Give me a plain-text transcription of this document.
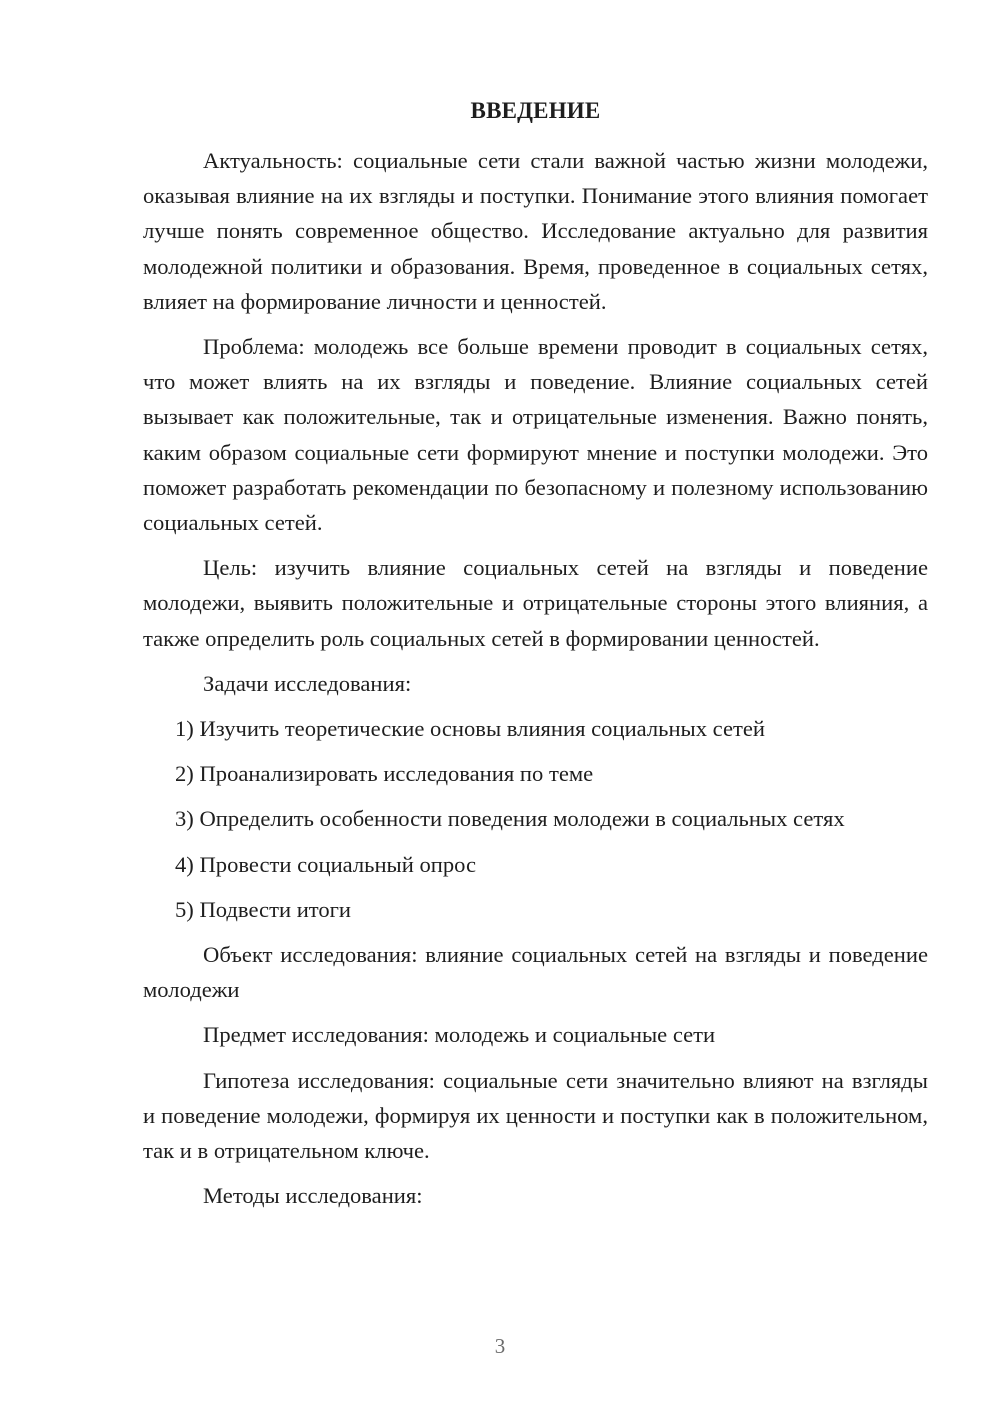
ВВЕДЕНИЕ

Актуальность: социальные сети стали важной частью жизни молодежи, оказывая влияние на их взгляды и поступки. Понимание этого влияния помогает лучше понять современное общество. Исследование актуально для развития молодежной политики и образования. Время, проведенное в социальных сетях, влияет на формирование личности и ценностей.

Проблема: молодежь все больше времени проводит в социальных сетях, что может влиять на их взгляды и поведение. Влияние социальных сетей вызывает как положительные, так и отрицательные изменения. Важно понять, каким образом социальные сети формируют мнение и поступки молодежи. Это поможет разработать рекомендации по безопасному и полезному использованию социальных сетей.

Цель: изучить влияние социальных сетей на взгляды и поведение молодежи, выявить положительные и отрицательные стороны этого влияния, а также определить роль социальных сетей в формировании ценностей.

Задачи исследования:

1) Изучить теоретические основы влияния социальных сетей

2) Проанализировать исследования по теме

3) Определить особенности поведения молодежи в социальных сетях

4) Провести социальный опрос

5) Подвести итоги

Объект исследования: влияние социальных сетей на взгляды и поведение молодежи

Предмет исследования: молодежь и социальные сети

Гипотеза исследования: социальные сети значительно влияют на взгляды и поведение молодежи, формируя их ценности и поступки как в положительном, так и в отрицательном ключе.

Методы исследования:

3
